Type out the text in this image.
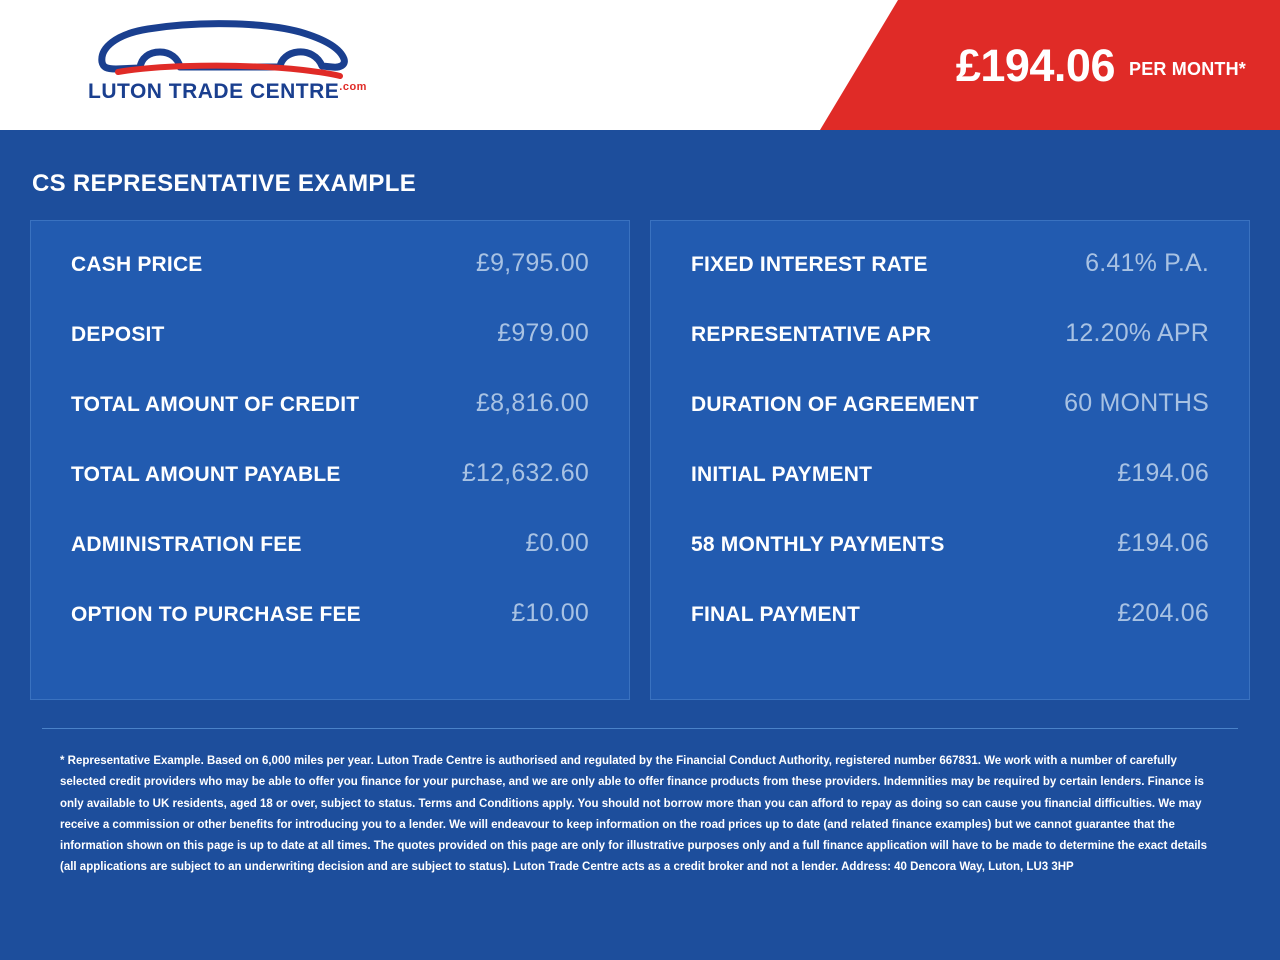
LUTON TRADE $CENTRE^{.com}$	£194.06 PER MONTH*
CS REPRESENTATIVE EXAMPLE
CASH PRICE	£9,795.00
DEPOSIT	£979.00
TOTAL AMOUNT OF CREDIT	£8,816.00
TOTAL AMOUNT PAYABLE	£12,632.60
ADMINISTRATION FEE	£0.00
OPTION TO PURCHASE FEE	£10.00
FIXED INTEREST RATE	6.41% P.A.
REPRESENTATIVE APR	12.20% APR
DURATION OF AGREEMENT	60 MONTHS
INITIAL PAYMENT	£194.06
58 MONTHLY PAYMENTS	£194.06
FINAL PAYMENT	£204.06
* Representative Example. Based on 6,000 miles per year. Luton Trade Centre is authorised and regulated by the Financial Conduct Authority, registered number 667831. We work with a number of carefully selected credit providers who may be able to offer you finance for your purchase, and we are only able to offer finance products from these providers. Indemnities may be required by certain lenders. Finance is only available to UK residents, aged 18 or over, subject to status. Terms and Conditions apply. You should not borrow more than you can afford to repay as doing so can cause you financial difficulties. We may receive a commission or other benefits for introducing you to a lender. We will endeavour to keep information on the road prices up to date (and related finance examples) but we cannot guarantee that the information shown on this page is up to date at all times. The quotes provided on this page are only for illustrative purposes only and a full finance application will have to be made to determine the exact details (all applications are subject to an underwriting decision and are subject to status). Luton Trade Centre acts as a credit broker and not a lender. Address: 40 Dencora Way, Luton, LU3 3HP
